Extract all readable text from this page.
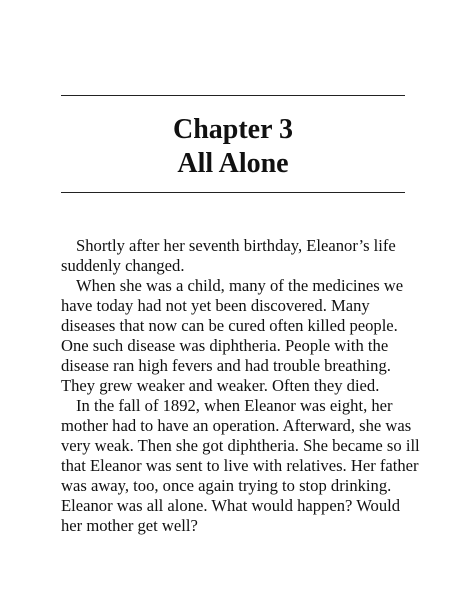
Chapter 3
All Alone

Shortly after her seventh birthday, Eleanor’s life suddenly changed.

When she was a child, many of the medicines we have today had not yet been discovered. Many diseases that now can be cured often killed people. One such disease was diphtheria. People with the disease ran high fevers and had trouble breathing. They grew weaker and weaker. Often they died.

In the fall of 1892, when Eleanor was eight, her mother had to have an operation. Afterward, she was very weak. Then she got diphtheria. She became so ill that Eleanor was sent to live with relatives. Her father was away, too, once again trying to stop drinking. Eleanor was all alone. What would happen? Would her mother get well?
